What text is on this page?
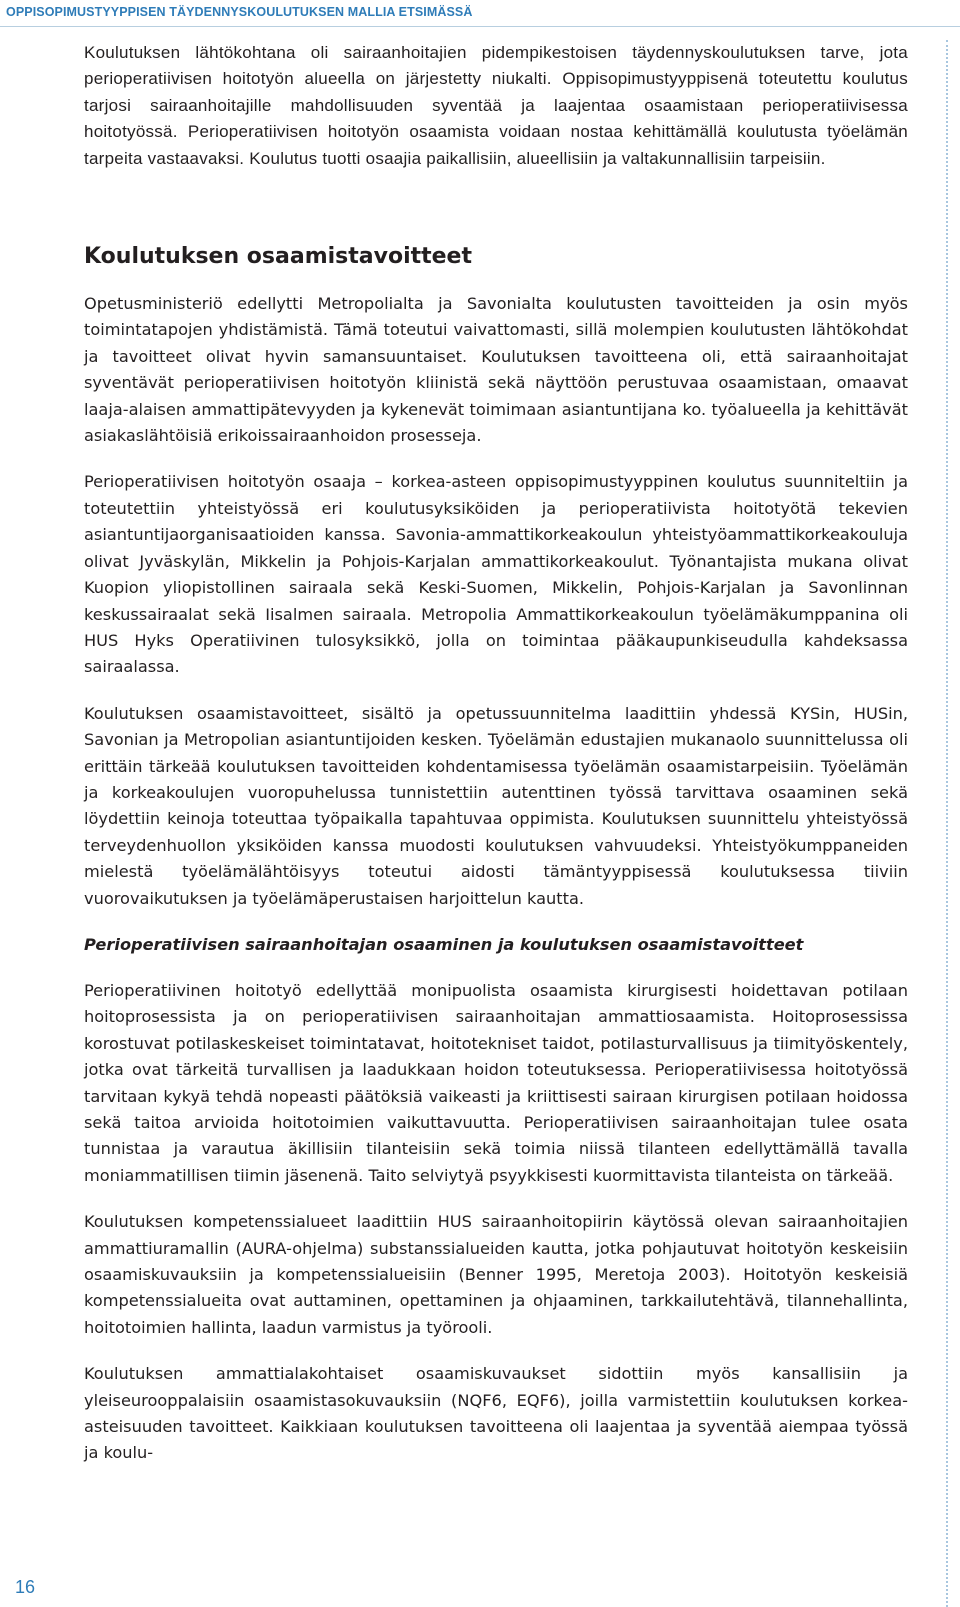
OPPISOPIMUSTYYPPISEN TÄYDENNYSKOULUTUKSEN MALLIA ETSIMÄSSÄ

Koulutuksen lähtökohtana oli sairaanhoitajien pidempikestoisen täydennyskoulutuksen tarve, jota perioperatiivisen hoitotyön alueella on järjestetty niukalti. Oppisopimustyyppisenä toteutettu koulutus tarjosi sairaanhoitajille mahdollisuuden syventää ja laajentaa osaamistaan perioperatiivisessa hoitotyössä. Perioperatiivisen hoitotyön osaamista voidaan nostaa kehittämällä koulutusta työelämän tarpeita vastaavaksi. Koulutus tuotti osaajia paikallisiin, alueellisiin ja valtakunnallisiin tarpeisiin.

Koulutuksen osaamistavoitteet

Opetusministeriö edellytti Metropolialta ja Savonialta koulutusten tavoitteiden ja osin myös toimintatapojen yhdistämistä. Tämä toteutui vaivattomasti, sillä molempien koulutusten lähtökohdat ja tavoitteet olivat hyvin samansuuntaiset. Koulutuksen tavoitteena oli, että sairaanhoitajat syventävät perioperatiivisen hoitotyön kliinistä sekä näyttöön perustuvaa osaamistaan, omaavat laaja-alaisen ammattipätevyyden ja kykenevät toimimaan asiantuntijana ko. työalueella ja kehittävät asiakaslähtöisiä erikoissairaanhoidon prosesseja.

Perioperatiivisen hoitotyön osaaja – korkea-asteen oppisopimustyyppinen koulutus suunniteltiin ja toteutettiin yhteistyössä eri koulutusyksiköiden ja perioperatiivista hoitotyötä tekevien asiantuntijaorganisaatioiden kanssa. Savonia-ammattikorkeakoulun yhteistyöammattikorkeakouluja olivat Jyväskylän, Mikkelin ja Pohjois-Karjalan ammattikorkeakoulut. Työnantajista mukana olivat Kuopion yliopistollinen sairaala sekä Keski-Suomen, Mikkelin, Pohjois-Karjalan ja Savonlinnan keskussairaalat sekä Iisalmen sairaala. Metropolia Ammattikorkeakoulun työelämäkumppanina oli HUS Hyks Operatiivinen tulosyksikkö, jolla on toimintaa pääkaupunkiseudulla kahdeksassa sairaalassa.

Koulutuksen osaamistavoitteet, sisältö ja opetussuunnitelma laadittiin yhdessä KYSin, HUSin, Savonian ja Metropolian asiantuntijoiden kesken. Työelämän edustajien mukanaolo suunnittelussa oli erittäin tärkeää koulutuksen tavoitteiden kohdentamisessa työelämän osaamistarpeisiin. Työelämän ja korkeakoulujen vuoropuhelussa tunnistettiin autenttinen työssä tarvittava osaaminen sekä löydettiin keinoja toteuttaa työpaikalla tapahtuvaa oppimista. Koulutuksen suunnittelu yhteistyössä terveydenhuollon yksiköiden kanssa muodosti koulutuksen vahvuudeksi. Yhteistyökumppaneiden mielestä työelämälähtöisyys toteutui aidosti tämäntyyppisessä koulutuksessa tiiviin vuorovaikutuksen ja työelämäperustaisen harjoittelun kautta.

Perioperatiivisen sairaanhoitajan osaaminen ja koulutuksen osaamistavoitteet

Perioperatiivinen hoitotyö edellyttää monipuolista osaamista kirurgisesti hoidettavan potilaan hoitoprosessista ja on perioperatiivisen sairaanhoitajan ammattiosaamista. Hoitoprosessissa korostuvat potilaskeskeiset toimintatavat, hoitotekniset taidot, potilasturvallisuus ja tiimityöskentely, jotka ovat tärkeitä turvallisen ja laadukkaan hoidon toteutuksessa. Perioperatiivisessa hoitotyössä tarvitaan kykyä tehdä nopeasti päätöksiä vaikeasti ja kriittisesti sairaan kirurgisen potilaan hoidossa sekä taitoa arvioida hoitotoimien vaikuttavuutta. Perioperatiivisen sairaanhoitajan tulee osata tunnistaa ja varautua äkillisiin tilanteisiin sekä toimia niissä tilanteen edellyttämällä tavalla moniammatillisen tiimin jäsenenä. Taito selviytyä psyykkisesti kuormittavista tilanteista on tärkeää.

Koulutuksen kompetenssialueet laadittiin HUS sairaanhoitopiirin käytössä olevan sairaanhoitajien ammattiuramallin (AURA-ohjelma) substanssialueiden kautta, jotka pohjautuvat hoitotyön keskeisiin osaamiskuvauksiin ja kompetenssialueisiin (Benner 1995, Meretoja 2003). Hoitotyön keskeisiä kompetenssialueita ovat auttaminen, opettaminen ja ohjaaminen, tarkkailutehtävä, tilannehallinta, hoitotoimien hallinta, laadun varmistus ja työrooli.

Koulutuksen ammattialakohtaiset osaamiskuvaukset sidottiin myös kansallisiin ja yleiseurooppalaisiin osaamistasokuvauksiin (NQF6, EQF6), joilla varmistettiin koulutuksen korkea-asteisuuden tavoitteet. Kaikkiaan koulutuksen tavoitteena oli laajentaa ja syventää aiempaa työssä ja koulu-

16
